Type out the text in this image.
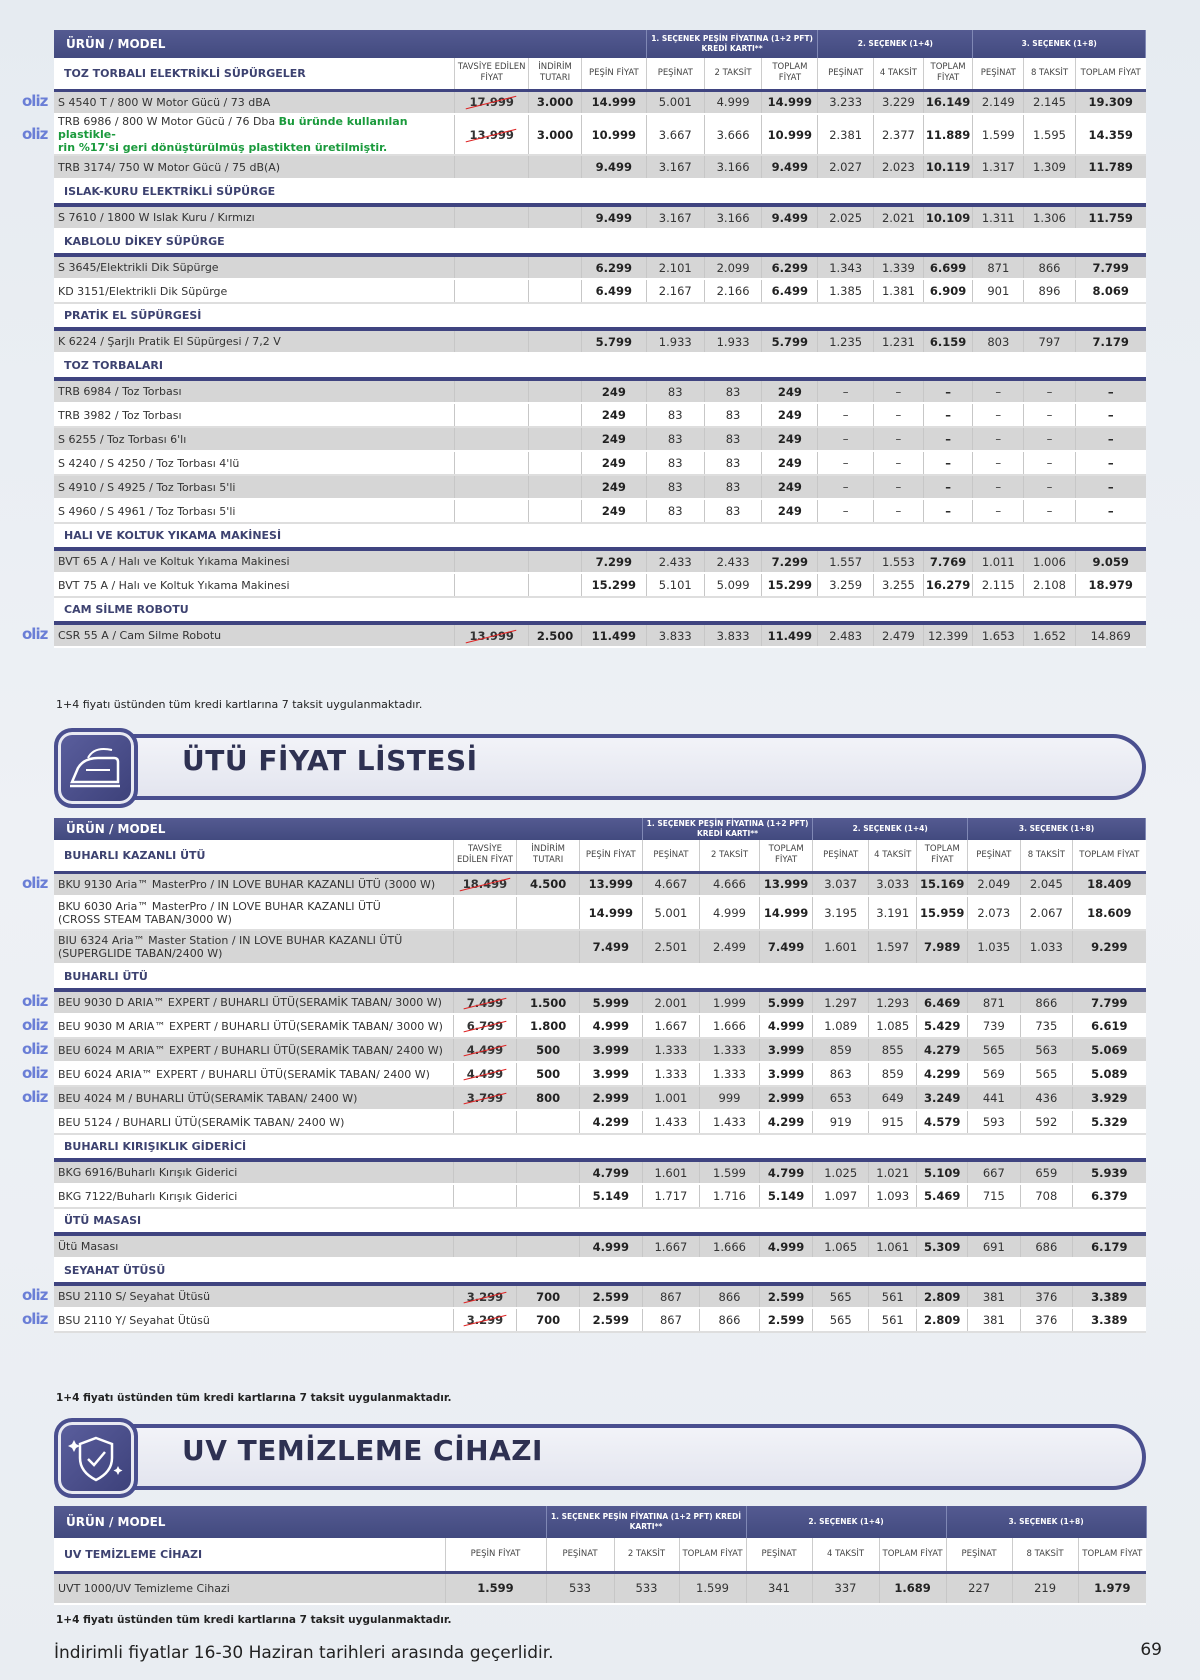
ÜRÜN / MODEL				1. SEÇENEK PEŞİN FİYATINA (1+2 PFT) KREDİ KARTI**			2. SEÇENEK (1+4)			3. SEÇENEK (1+8)		
TOZ TORBALI ELEKTRİKLİ SÜPÜRGELER	TAVSİYE EDİLEN FİYAT	İNDİRİM TUTARI	PEŞİN FİYAT	PEŞİNAT	2 TAKSİT	TOPLAM FİYAT	PEŞİNAT	4 TAKSİT	TOPLAM FİYAT	PEŞİNAT	8 TAKSİT	TOPLAM FİYAT
S 4540 T / 800 W Motor Gücü / 73 dBA	17.999	3.000	14.999	5.001	4.999	14.999	3.233	3.229	16.149	2.149	2.145	19.309
TRB 6986 / 800 W Motor Gücü / 76 Dba Bu üründe kullanılan plastikle-
rin %17'si geri dönüştürülmüş plastikten üretilmiştir.	13.999	3.000	10.999	3.667	3.666	10.999	2.381	2.377	11.889	1.599	1.595	14.359
TRB 3174/ 750 W Motor Gücü / 75 dB(A)			9.499	3.167	3.166	9.499	2.027	2.023	10.119	1.317	1.309	11.789
ISLAK-KURU ELEKTRİKLİ SÜPÜRGE												
S 7610 / 1800 W Islak Kuru / Kırmızı			9.499	3.167	3.166	9.499	2.025	2.021	10.109	1.311	1.306	11.759
KABLOLU DİKEY SÜPÜRGE												
S 3645/Elektrikli Dik Süpürge			6.299	2.101	2.099	6.299	1.343	1.339	6.699	871	866	7.799
KD 3151/Elektrikli Dik Süpürge			6.499	2.167	2.166	6.499	1.385	1.381	6.909	901	896	8.069
PRATİK EL SÜPÜRGESİ												
K 6224 / Şarjlı Pratik El Süpürgesi / 7,2 V			5.799	1.933	1.933	5.799	1.235	1.231	6.159	803	797	7.179
TOZ TORBALARI												
TRB 6984 / Toz Torbası			249	83	83	249	–	–	–	–	–	–
TRB 3982 / Toz Torbası			249	83	83	249	–	–	–	–	–	–
S 6255 / Toz Torbası 6'lı			249	83	83	249	–	–	–	–	–	–
S 4240 / S 4250 / Toz Torbası 4'lü			249	83	83	249	–	–	–	–	–	–
S 4910 / S 4925 / Toz Torbası 5'li			249	83	83	249	–	–	–	–	–	–
S 4960 / S 4961 / Toz Torbası 5'li			249	83	83	249	–	–	–	–	–	–
HALI VE KOLTUK YIKAMA MAKİNESİ												
BVT 65 A / Halı ve Koltuk Yıkama Makinesi			7.299	2.433	2.433	7.299	1.557	1.553	7.769	1.011	1.006	9.059
BVT 75 A / Halı ve Koltuk Yıkama Makinesi			15.299	5.101	5.099	15.299	3.259	3.255	16.279	2.115	2.108	18.979
CAM SİLME ROBOTU												
CSR 55 A / Cam Silme Robotu	13.999	2.500	11.499	3.833	3.833	11.499	2.483	2.479	12.399	1.653	1.652	14.869
1+4 fiyatı üstünden tüm kredi kartlarına 7 taksit uygulanmaktadır.
ÜTÜ FİYAT LİSTESİ
ÜRÜN / MODEL				1. SEÇENEK PEŞİN FİYATINA (1+2 PFT) KREDİ KARTI**			2. SEÇENEK (1+4)			3. SEÇENEK (1+8)		
BUHARLI KAZANLI ÜTÜ	TAVSİYE EDİLEN FİYAT	İNDİRİM TUTARI	PEŞİN FİYAT	PEŞİNAT	2 TAKSİT	TOPLAM FİYAT	PEŞİNAT	4 TAKSİT	TOPLAM FİYAT	PEŞİNAT	8 TAKSİT	TOPLAM FİYAT
BKU 9130 Aria™ MasterPro / IN LOVE BUHAR KAZANLI ÜTÜ (3000 W)	18.499	4.500	13.999	4.667	4.666	13.999	3.037	3.033	15.169	2.049	2.045	18.409
BKU 6030 Aria™ MasterPro / IN LOVE BUHAR KAZANLI ÜTÜ
(CROSS STEAM TABAN/3000 W)			14.999	5.001	4.999	14.999	3.195	3.191	15.959	2.073	2.067	18.609
BIU 6324 Aria™ Master Station / IN LOVE BUHAR KAZANLI ÜTÜ
(SUPERGLIDE TABAN/2400 W)			7.499	2.501	2.499	7.499	1.601	1.597	7.989	1.035	1.033	9.299
BUHARLI ÜTÜ												
BEU 9030 D ARIA™ EXPERT / BUHARLI ÜTÜ(SERAMİK TABAN/ 3000 W)	7.499	1.500	5.999	2.001	1.999	5.999	1.297	1.293	6.469	871	866	7.799
BEU 9030 M ARIA™ EXPERT / BUHARLI ÜTÜ(SERAMİK TABAN/ 3000 W)	6.799	1.800	4.999	1.667	1.666	4.999	1.089	1.085	5.429	739	735	6.619
BEU 6024 M ARIA™ EXPERT / BUHARLI ÜTÜ(SERAMİK TABAN/ 2400 W)	4.499	500	3.999	1.333	1.333	3.999	859	855	4.279	565	563	5.069
BEU 6024 ARIA™ EXPERT / BUHARLI ÜTÜ(SERAMİK TABAN/ 2400 W)	4.499	500	3.999	1.333	1.333	3.999	863	859	4.299	569	565	5.089
BEU 4024 M / BUHARLI ÜTÜ(SERAMİK TABAN/ 2400 W)	3.799	800	2.999	1.001	999	2.999	653	649	3.249	441	436	3.929
BEU 5124 / BUHARLI ÜTÜ(SERAMİK TABAN/ 2400 W)			4.299	1.433	1.433	4.299	919	915	4.579	593	592	5.329
BUHARLI KIRIŞIKLIK GİDERİCİ												
BKG 6916/Buharlı Kırışık Giderici			4.799	1.601	1.599	4.799	1.025	1.021	5.109	667	659	5.939
BKG 7122/Buharlı Kırışık Giderici			5.149	1.717	1.716	5.149	1.097	1.093	5.469	715	708	6.379
ÜTÜ MASASI												
Ütü Masası			4.999	1.667	1.666	4.999	1.065	1.061	5.309	691	686	6.179
SEYAHAT ÜTÜSÜ												
BSU 2110 S/ Seyahat Ütüsü	3.299	700	2.599	867	866	2.599	565	561	2.809	381	376	3.389
BSU 2110 Y/ Seyahat Ütüsü	3.299	700	2.599	867	866	2.599	565	561	2.809	381	376	3.389
1+4 fiyatı üstünden tüm kredi kartlarına 7 taksit uygulanmaktadır.
UV TEMİZLEME CİHAZI
ÜRÜN / MODEL		1. SEÇENEK PEŞİN FİYATINA (1+2 PFT) KREDİ KARTI**			2. SEÇENEK (1+4)			3. SEÇENEK (1+8)		
UV TEMİZLEME CİHAZI	PEŞİN FİYAT	PEŞİNAT	2 TAKSİT	TOPLAM FİYAT	PEŞİNAT	4 TAKSİT	TOPLAM FİYAT	PEŞİNAT	8 TAKSİT	TOPLAM FİYAT
UVT 1000/UV Temizleme Cihazi	1.599	533	533	1.599	341	337	1.689	227	219	1.979
1+4 fiyatı üstünden tüm kredi kartlarına 7 taksit uygulanmaktadır.
İndirimli fiyatlar 16-30 Haziran tarihleri arasında geçerlidir.	69
oliz
oliz
oliz
oliz
oliz
oliz
oliz
oliz
oliz
oliz
oliz
